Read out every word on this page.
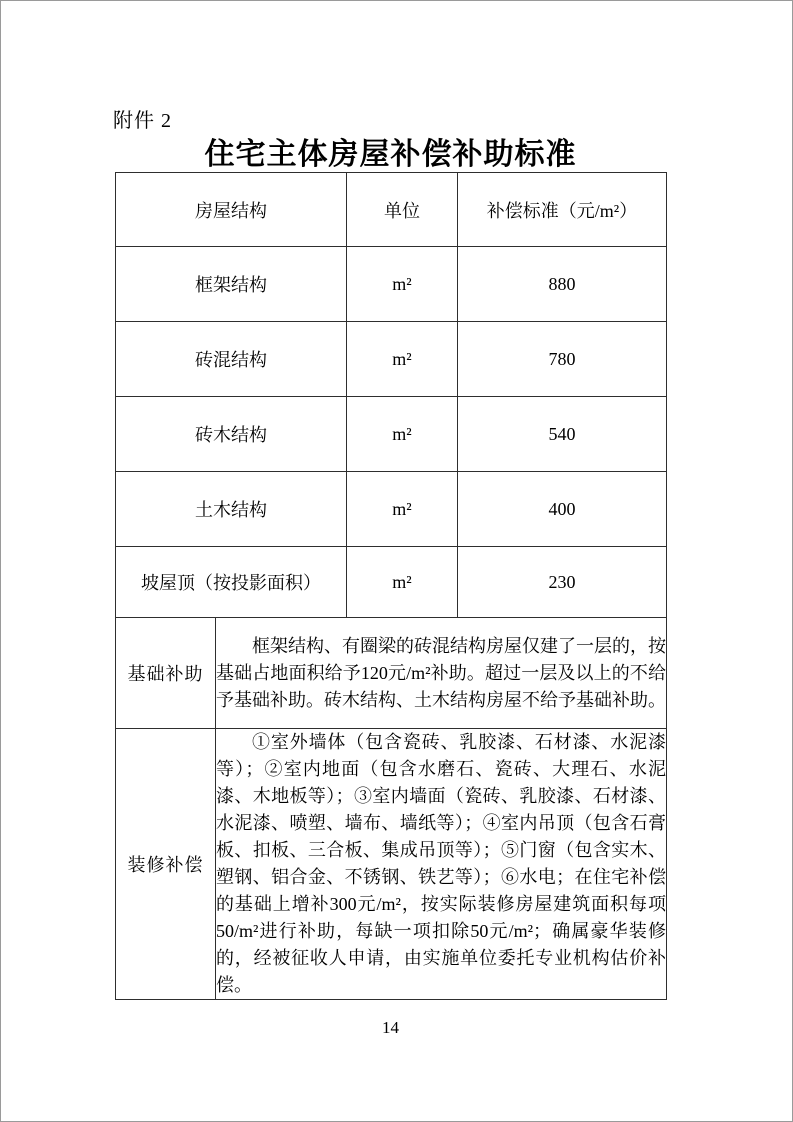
附件 2
住宅主体房屋补偿补助标准
房屋结构		单位	补偿标准（元/m²）
框架结构		m²	880
砖混结构		m²	780
砖木结构		m²	540
土木结构		m²	400
坡屋顶（按投影面积）		m²	230
基础补助	框架结构、有圈梁的砖混结构房屋仅建了一层的，按基础占地面积给予120元/m²补助。超过一层及以上的不给予基础补助。砖木结构、土木结构房屋不给予基础补助。		

装修补偿	①室外墙体（包含瓷砖、乳胶漆、石材漆、水泥漆等）；②室内地面（包含水磨石、瓷砖、大理石、水泥漆、木地板等）；③室内墙面（瓷砖、乳胶漆、石材漆、水泥漆、喷塑、墙布、墙纸等）；④室内吊顶（包含石膏板、扣板、三合板、集成吊顶等）；⑤门窗（包含实木、塑钢、铝合金、不锈钢、铁艺等）；⑥水电；在住宅补偿的基础上增补300元/m²，按实际装修房屋建筑面积每项50/m²进行补助，每缺一项扣除50元/m²；确属豪华装修的，经被征收人申请，由实施单位委托专业机构估价补偿。		
14
